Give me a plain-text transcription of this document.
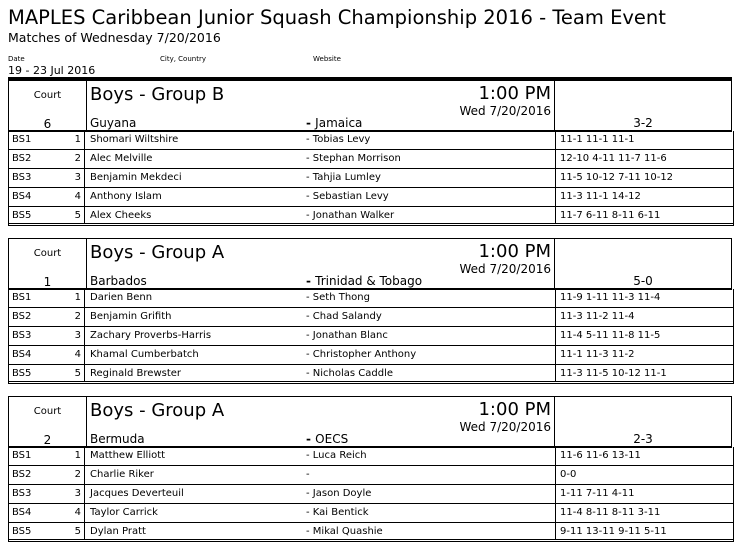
MAPLES Caribbean Junior Squash Championship 2016 - Team Event
Matches of Wednesday 7/20/2016
Date	City, Country	Website
19 - 23 Jul 2016
Court
6
Boys - Group B	1:00 PM
Wed 7/20/2016
Guyana	- Jamaica	3-2
BS1	1 Shomari Wiltshire	- Tobias Levy	11-1 11-1 11-1
BS2	2 Alec Melville	- Stephan Morrison	12-10 4-11 11-7 11-6
BS3	3 Benjamin Mekdeci	- Tahjia Lumley	11-5 10-12 7-11 10-12
BS4	4 Anthony Islam	- Sebastian Levy	11-3 11-1 14-12
BS5	5 Alex Cheeks	- Jonathan Walker	11-7 6-11 8-11 6-11
Court
1
Boys - Group A	1:00 PM
Wed 7/20/2016
Barbados	- Trinidad & Tobago	5-0
BS1	1 Darien Benn	- Seth Thong	11-9 1-11 11-3 11-4
BS2	2 Benjamin Grifith	- Chad Salandy	11-3 11-2 11-4
BS3	3 Zachary Proverbs-Harris	- Jonathan Blanc	11-4 5-11 11-8 11-5
BS4	4 Khamal Cumberbatch	- Christopher Anthony	11-1 11-3 11-2
BS5	5 Reginald Brewster	- Nicholas Caddle	11-3 11-5 10-12 11-1
Court
2
Boys - Group A	1:00 PM
Wed 7/20/2016
Bermuda	- OECS	2-3
BS1	1 Matthew Elliott	- Luca Reich	11-6 11-6 13-11
BS2	2 Charlie Riker	-	0-0
BS3	3 Jacques Deverteuil	- Jason Doyle	1-11 7-11 4-11
BS4	4 Taylor Carrick	- Kai Bentick	11-4 8-11 8-11 3-11
BS5	5 Dylan Pratt	- Mikal Quashie	9-11 13-11 9-11 5-11
